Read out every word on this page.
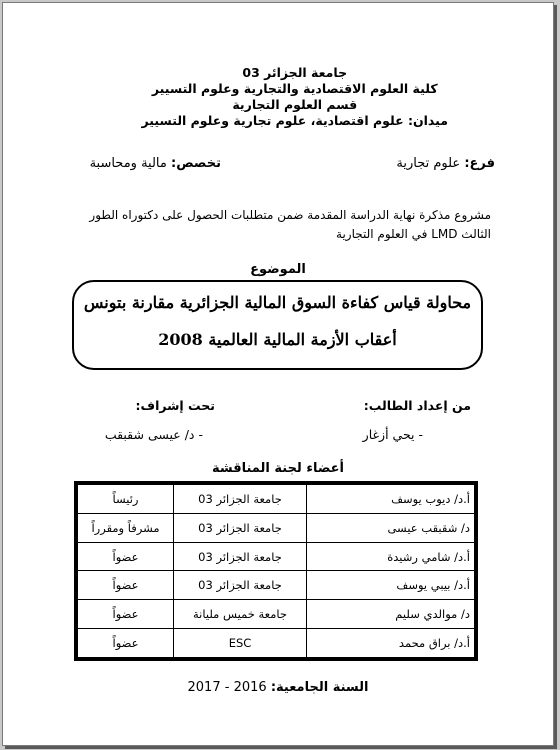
جامعة الجزائر 03
كلية العلوم الاقتصادية والتجارية وعلوم التسيير
قسم العلوم التجارية
ميدان: علوم اقتصادية، علوم تجارية وعلوم التسيير
فرع: علوم تجارية
تخصص: مالية ومحاسبة
مشروع مذكرة نهاية الدراسة المقدمة ضمن متطلبات الحصول على دكتوراه الطور
الثالث LMD في العلوم التجارية
الموضوع
محاولة قياس كفاءة السوق المالية الجزائرية مقارنة بتونس
أعقاب الأزمة المالية العالمية 2008
من إعداد الطالب:
- يحي أزغار
تحت إشراف:
- د/ عيسى شقبقب
أعضاء لجنة المناقشة
أ.د/ ديوب يوسف	جامعة الجزائر 03	رئيساً
د/ شقبقب عيسى	جامعة الجزائر 03	مشرفاً ومقرراً
أ.د/ شامي رشيدة	جامعة الجزائر 03	عضواً
أ.د/ بيبي يوسف	جامعة الجزائر 03	عضواً
د/ موالدي سليم	جامعة خميس مليانة	عضواً
أ.د/ براق محمد	ESC	عضواً
السنة الجامعية: 2016 - 2017
